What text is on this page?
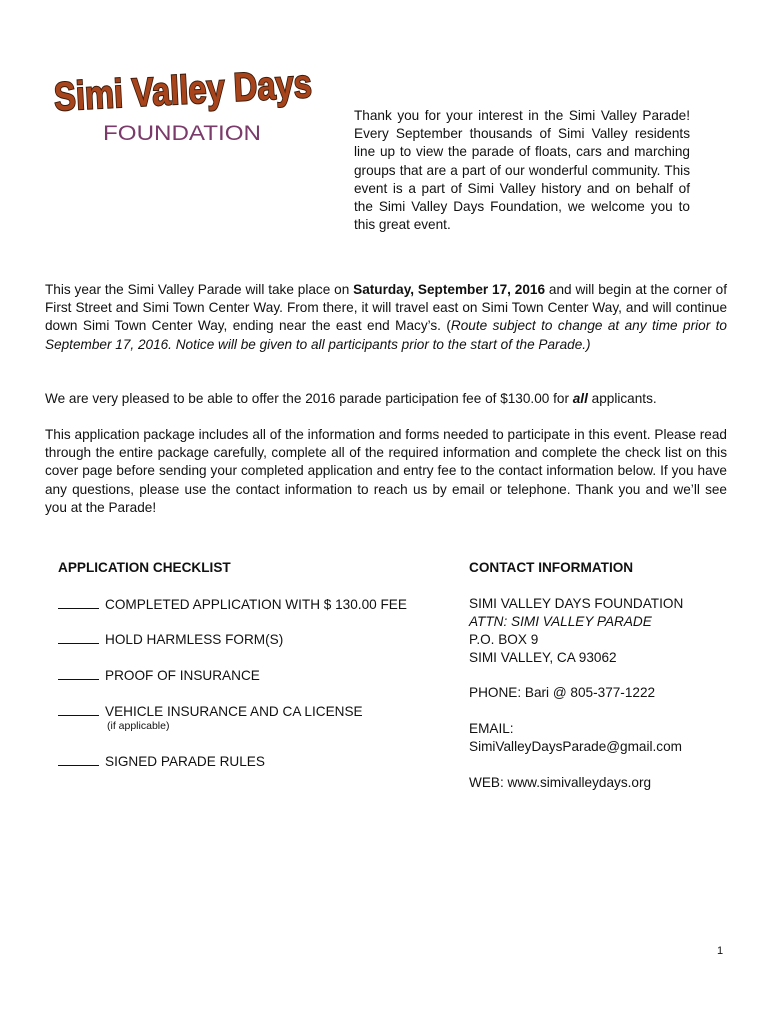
Simi Valley Days
FOUNDATION
Thank you for your interest in the Simi Valley Parade! Every September thousands of Simi Valley residents line up to view the parade of floats, cars and marching groups that are a part of our wonderful community. This event is a part of Simi Valley history and on behalf of the Simi Valley Days Foundation, we welcome you to this great event.
This year the Simi Valley Parade will take place on Saturday, September 17, 2016 and will begin at the corner of First Street and Simi Town Center Way. From there, it will travel east on Simi Town Center Way, and will continue down Simi Town Center Way, ending near the east end Macy’s. (Route subject to change at any time prior to September 17, 2016. Notice will be given to all participants prior to the start of the Parade.)
We are very pleased to be able to offer the 2016 parade participation fee of $130.00 for all applicants.
This application package includes all of the information and forms needed to participate in this event. Please read through the entire package carefully, complete all of the required information and complete the check list on this cover page before sending your completed application and entry fee to the contact information below. If you have any questions, please use the contact information to reach us by email or telephone. Thank you and we’ll see you at the Parade!
APPLICATION CHECKLIST	CONTACT INFORMATION
COMPLETED APPLICATION WITH $ 130.00 FEE
HOLD HARMLESS FORM(S)
PROOF OF INSURANCE
VEHICLE INSURANCE AND CA LICENSE
(if applicable)
SIGNED PARADE RULES
SIMI VALLEY DAYS FOUNDATION
ATTN: SIMI VALLEY PARADE
P.O. BOX 9
SIMI VALLEY, CA 93062
PHONE: Bari @ 805-377-1222
EMAIL:
SimiValleyDaysParade@gmail.com
WEB: www.simivalleydays.org
1
